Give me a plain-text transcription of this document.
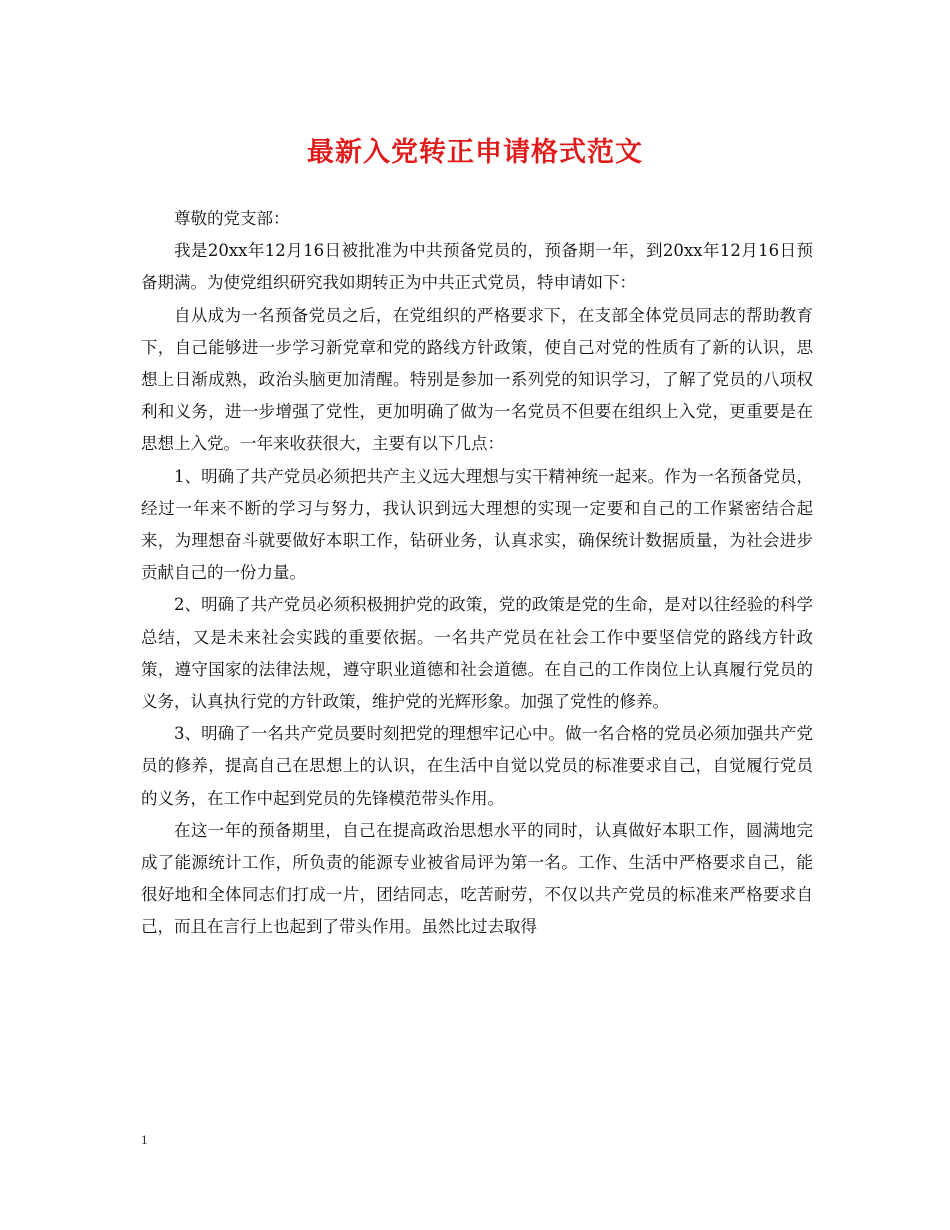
最新入党转正申请格式范文

尊敬的党支部：

我是20xx年12月16日被批准为中共预备党员的，预备期一年，到20xx年12月16日预备期满。为使党组织研究我如期转正为中共正式党员，特申请如下：

自从成为一名预备党员之后，在党组织的严格要求下，在支部全体党员同志的帮助教育下，自己能够进一步学习新党章和党的路线方针政策，使自己对党的性质有了新的认识，思想上日渐成熟，政治头脑更加清醒。特别是参加一系列党的知识学习，了解了党员的八项权利和义务，进一步增强了党性，更加明确了做为一名党员不但要在组织上入党，更重要是在思想上入党。一年来收获很大，主要有以下几点：

1、明确了共产党员必须把共产主义远大理想与实干精神统一起来。作为一名预备党员，经过一年来不断的学习与努力，我认识到远大理想的实现一定要和自己的工作紧密结合起来，为理想奋斗就要做好本职工作，钻研业务，认真求实，确保统计数据质量，为社会进步贡献自己的一份力量。

2、明确了共产党员必须积极拥护党的政策，党的政策是党的生命，是对以往经验的科学总结，又是未来社会实践的重要依据。一名共产党员在社会工作中要坚信党的路线方针政策，遵守国家的法律法规，遵守职业道德和社会道德。在自己的工作岗位上认真履行党员的义务，认真执行党的方针政策，维护党的光辉形象。加强了党性的修养。

3、明确了一名共产党员要时刻把党的理想牢记心中。做一名合格的党员必须加强共产党员的修养，提高自己在思想上的认识，在生活中自觉以党员的标准要求自己，自觉履行党员的义务，在工作中起到党员的先锋模范带头作用。

在这一年的预备期里，自己在提高政治思想水平的同时，认真做好本职工作，圆满地完成了能源统计工作，所负责的能源专业被省局评为第一名。工作、生活中严格要求自己，能很好地和全体同志们打成一片，团结同志，吃苦耐劳，不仅以共产党员的标准来严格要求自己，而且在言行上也起到了带头作用。虽然比过去取得

1
